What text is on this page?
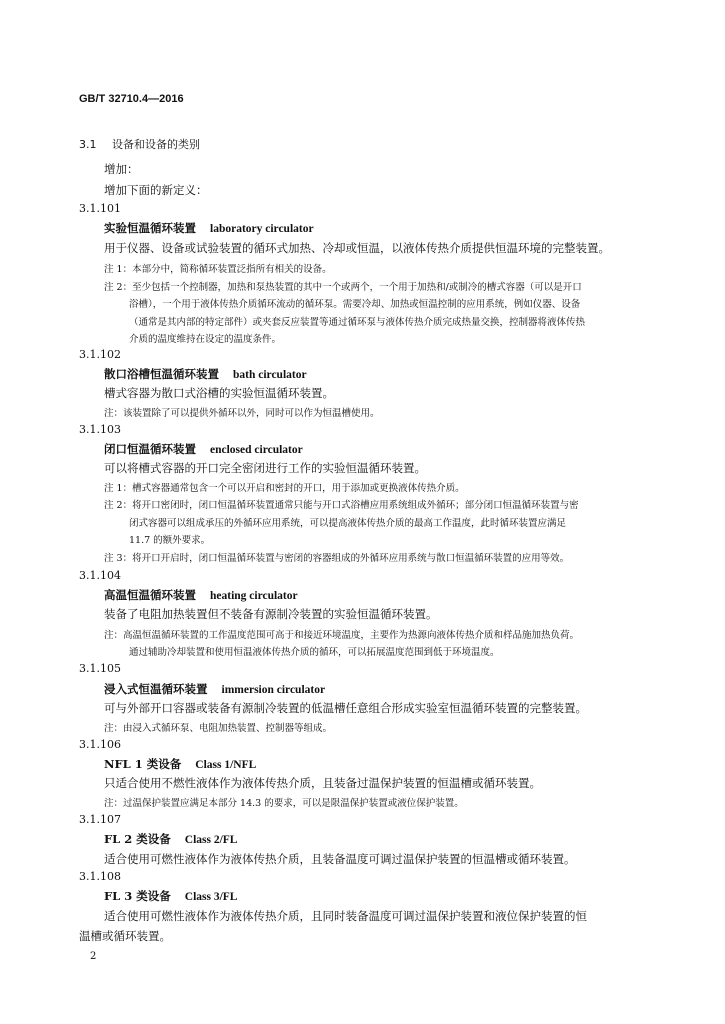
GB/T 32710.4—2016
3.1 设备和设备的类别
增加：
增加下面的新定义：
3.1.101
实验恒温循环装置 laboratory circulator
用于仪器、设备或试验装置的循环式加热、冷却或恒温，以液体传热介质提供恒温环境的完整装置。
注 1：本部分中，简称循环装置泛指所有相关的设备。
注 2：至少包括一个控制器，加热和泵热装置的其中一个或两个，一个用于加热和/或制冷的槽式容器（可以是开口
浴槽），一个用于液体传热介质循环流动的循环泵。需要冷却、加热或恒温控制的应用系统，例如仪器、设备
（通常是其内部的特定部件）或夹套反应装置等通过循环泵与液体传热介质完成热量交换，控制器将液体传热
介质的温度维持在设定的温度条件。
3.1.102
散口浴槽恒温循环装置 bath circulator
槽式容器为散口式浴槽的实验恒温循环装置。
注：该装置除了可以提供外循环以外，同时可以作为恒温槽使用。
3.1.103
闭口恒温循环装置 enclosed circulator
可以将槽式容器的开口完全密闭进行工作的实验恒温循环装置。
注 1：槽式容器通常包含一个可以开启和密封的开口，用于添加或更换液体传热介质。
注 2：将开口密闭时，闭口恒温循环装置通常只能与开口式浴槽应用系统组成外循环；部分闭口恒温循环装置与密
闭式容器可以组成承压的外循环应用系统，可以提高液体传热介质的最高工作温度，此时循环装置应满足
11.7 的额外要求。
注 3：将开口开启时，闭口恒温循环装置与密闭的容器组成的外循环应用系统与散口恒温循环装置的应用等效。
3.1.104
高温恒温循环装置 heating circulator
装备了电阻加热装置但不装备有源制冷装置的实验恒温循环装置。
注：高温恒温循环装置的工作温度范围可高于和接近环境温度，主要作为热源向液体传热介质和样品施加热负荷。
通过辅助冷却装置和使用恒温液体传热介质的循环，可以拓展温度范围到低于环境温度。
3.1.105
浸入式恒温循环装置 immersion circulator
可与外部开口容器或装备有源制冷装置的低温槽任意组合形成实验室恒温循环装置的完整装置。
注：由浸入式循环泵、电阻加热装置、控制器等组成。
3.1.106
NFL 1 类设备 Class 1/NFL
只适合使用不燃性液体作为液体传热介质，且装备过温保护装置的恒温槽或循环装置。
注：过温保护装置应满足本部分 14.3 的要求，可以是限温保护装置或液位保护装置。
3.1.107
FL 2 类设备 Class 2/FL
适合使用可燃性液体作为液体传热介质，且装备温度可调过温保护装置的恒温槽或循环装置。
3.1.108
FL 3 类设备 Class 3/FL
适合使用可燃性液体作为液体传热介质，且同时装备温度可调过温保护装置和液位保护装置的恒
温槽或循环装置。
2
